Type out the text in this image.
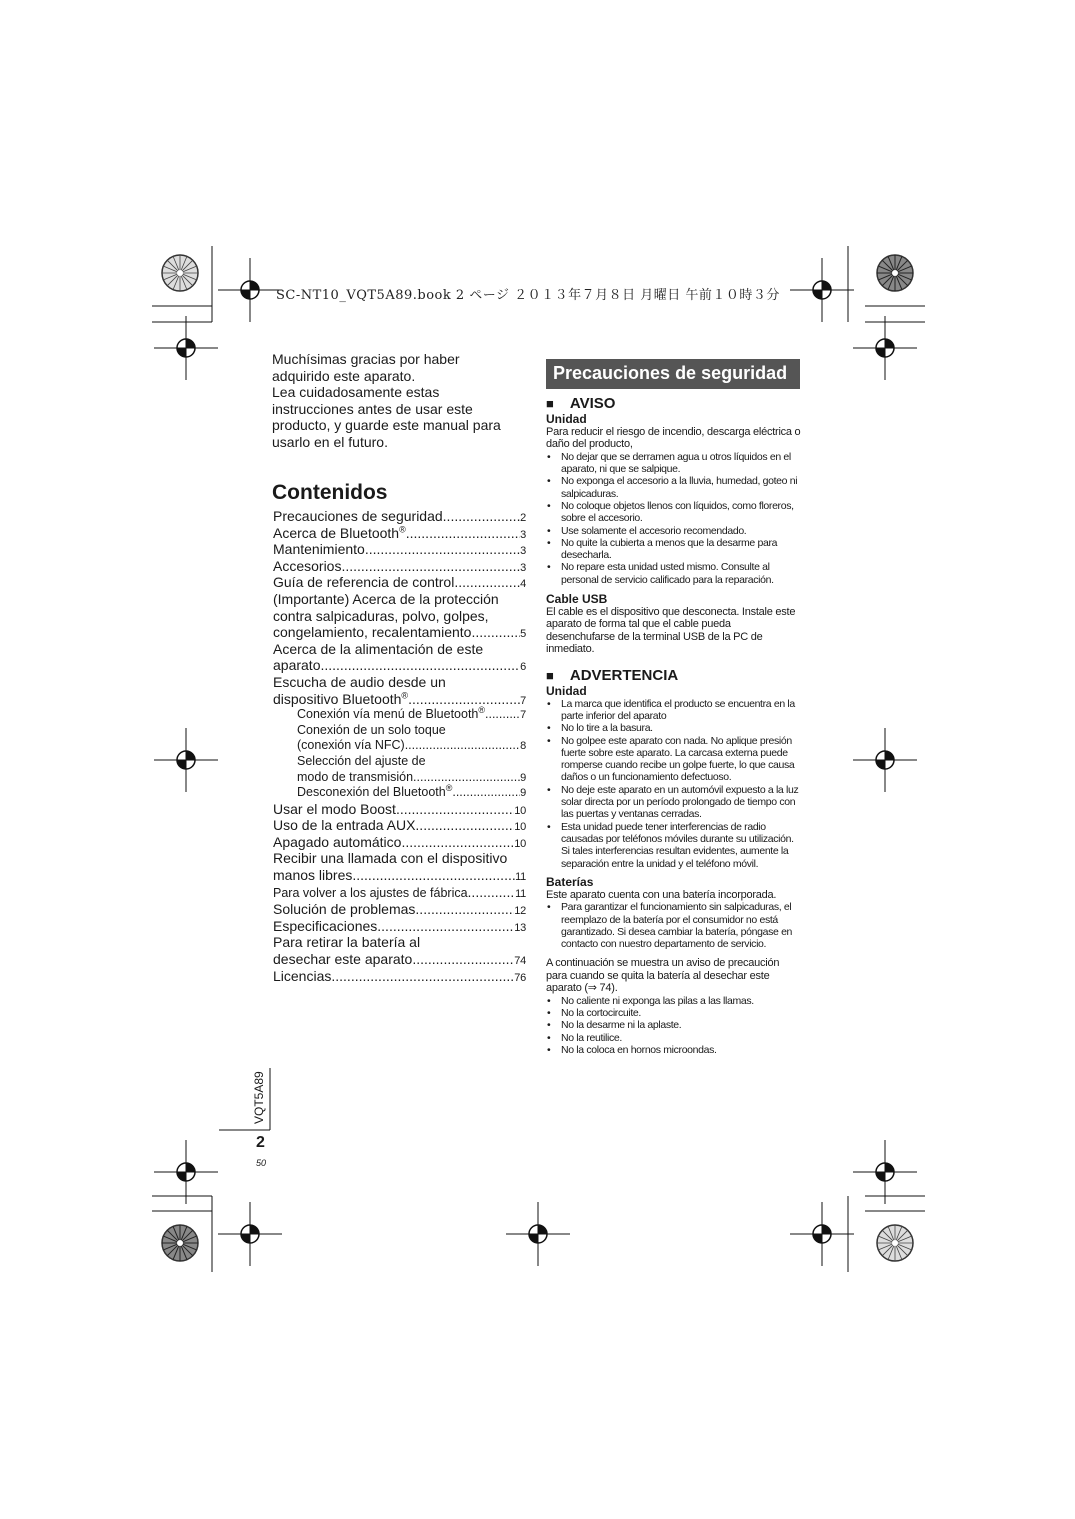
SC-NT10_VQT5A89.book 2 ページ ２０１３年７月８日 月曜日 午前１０時３分
Muchísimas gracias por haber
adquirido este aparato.
Lea cuidadosamente estas
instrucciones antes de usar este
producto, y guarde este manual para
usarlo en el futuro.
Contenidos
Precauciones de seguridad .....	2
Acerca de Bluetooth® .....	3
Mantenimiento .....	3
Accesorios .....	3
Guía de referencia de control .....	4
(Importante) Acerca de la protección
contra salpicaduras, polvo, golpes,
congelamiento, recalentamiento. .....	5
Acerca de la alimentación de este
aparato .....	6
Escucha de audio desde un
dispositivo Bluetooth® .....	7
Conexión vía menú de Bluetooth® .....	7
Conexión de un solo toque
(conexión vía NFC) .....	8
Selección del ajuste de
modo de transmisión .....	9
Desconexión del Bluetooth® .....	9
Usar el modo Boost .....	10
Uso de la entrada AUX .....	10
Apagado automático .....	10
Recibir una llamada con el dispositivo
manos libres .....	11
Para volver a los ajustes de fábrica .....	11
Solución de problemas .....	12
Especificaciones .....	13
Para retirar la batería al
desechar este aparato .....	74
Licencias .....	76
Precauciones de seguridad
■ AVISO
Unidad
Para reducir el riesgo de incendio, descarga eléctrica o daño del producto,
• No dejar que se derramen agua u otros líquidos en el aparato, ni que se salpique.
• No exponga el accesorio a la lluvia, humedad, goteo ni salpicaduras.
• No coloque objetos llenos con líquidos, como floreros, sobre el accesorio.
• Use solamente el accesorio recomendado.
• No quite la cubierta a menos que la desarme para desecharla.
• No repare esta unidad usted mismo. Consulte al personal de servicio calificado para la reparación.
Cable USB
El cable es el dispositivo que desconecta. Instale este aparato de forma tal que el cable pueda desenchufarse de la terminal USB de la PC de inmediato.
■ ADVERTENCIA
Unidad
• La marca que identifica el producto se encuentra en la parte inferior del aparato
• No lo tire a la basura.
• No golpee este aparato con nada. No aplique presión fuerte sobre este aparato. La carcasa externa puede romperse cuando recibe un golpe fuerte, lo que causa daños o un funcionamiento defectuoso.
• No deje este aparato en un automóvil expuesto a la luz solar directa por un período prolongado de tiempo con las puertas y ventanas cerradas.
• Esta unidad puede tener interferencias de radio causadas por teléfonos móviles durante su utilización. Si tales interferencias resultan evidentes, aumente la separación entre la unidad y el teléfono móvil.
Baterías
Este aparato cuenta con una batería incorporada.
• Para garantizar el funcionamiento sin salpicaduras, el reemplazo de la batería por el consumidor no está garantizado. Si desea cambiar la batería, póngase en contacto con nuestro departamento de servicio.
A continuación se muestra un aviso de precaución para cuando se quita la batería al desechar este aparato (⇒ 74).
• No caliente ni exponga las pilas a las llamas.
• No la cortocircuite.
• No la desarme ni la aplaste.
• No la reutilice.
• No la coloca en hornos microondas.
VQT5A89
2
50
